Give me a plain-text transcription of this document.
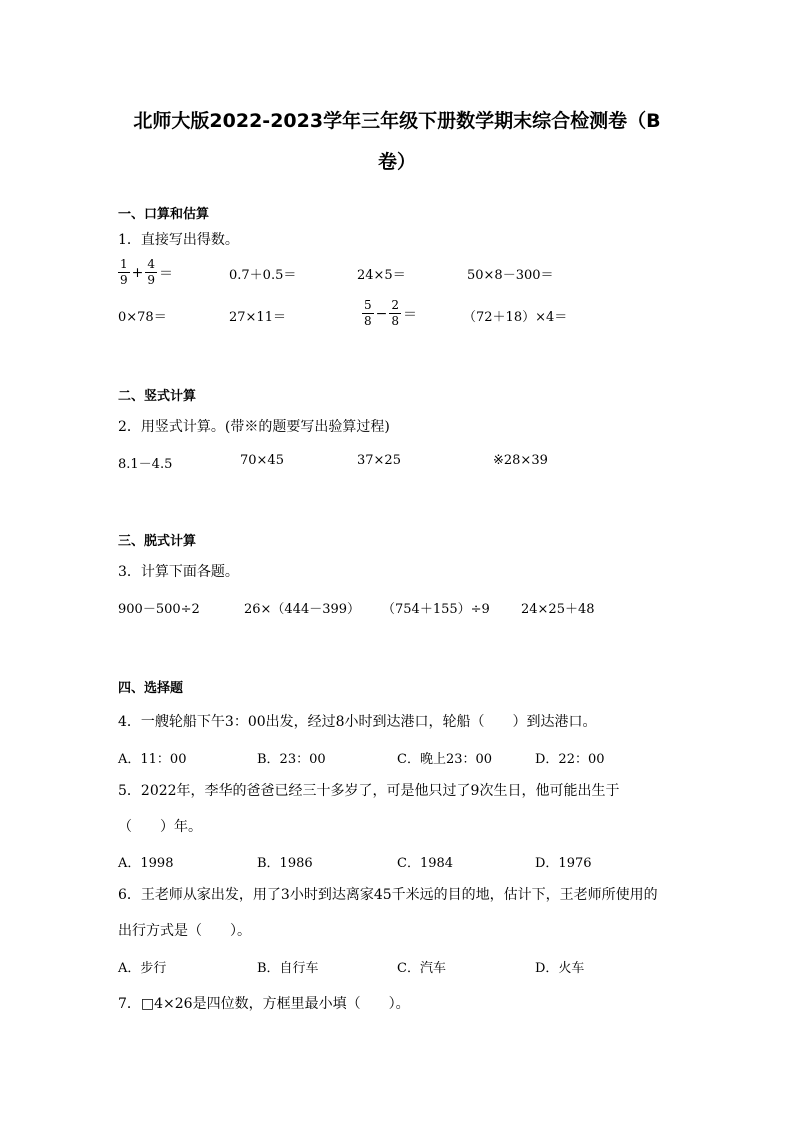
北师大版2022-2023学年三年级下册数学期末综合检测卷（B
卷）
一、口算和估算
1．直接写出得数。
$\frac{1}{9} + \frac{4}{9}$ ＝	0.7＋0.5＝	24×5＝	50×8－300＝
0×78＝	27×11＝	$\frac{5}{8} - \frac{2}{8}$ ＝	（72＋18）×4＝
二、竖式计算
2．用竖式计算。(带※的题要写出验算过程)
8.1－4.5	70×45	37×25	※28×39
三、脱式计算
3．计算下面各题。
900－500÷2	26×（444－399） （754＋155）÷9 24×25＋48
四、选择题
4．一艘轮船下午3：00出发，经过8小时到达港口，轮船（　　）到达港口。
A．11：00	B．23：00	C．晚上23：00	D．22：00
5．2022年，李华的爸爸已经三十多岁了，可是他只过了9次生日，他可能出生于
（　　）年。
A．1998	B．1986	C．1984	D．1976
6．王老师从家出发，用了3小时到达离家45千米远的目的地，估计下，王老师所使用的
出行方式是（　　）。
A．步行	B．自行车	C．汽车	D．火车
7．□4×26是四位数，方框里最小填（　　）。
